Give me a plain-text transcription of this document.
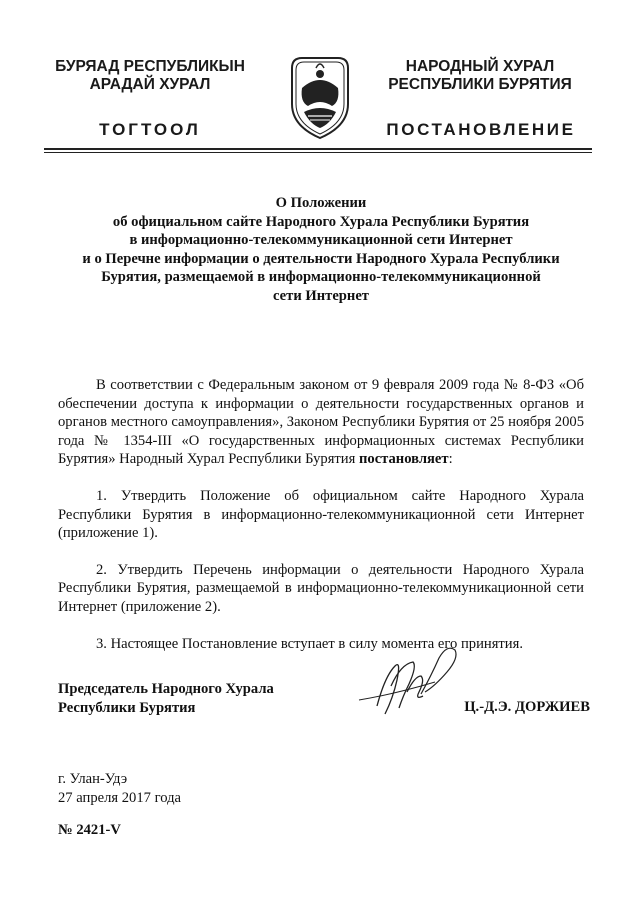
БУРЯАД РЕСПУБЛИКЫН
АРАДАЙ ХУРАЛ
ТОГТООЛ
НАРОДНЫЙ ХУРАЛ
РЕСПУБЛИКИ БУРЯТИЯ
ПОСТАНОВЛЕНИЕ
О Положении
об официальном сайте Народного Хурала Республики Бурятия
в информационно-телекоммуникационной сети Интернет
и о Перечне информации о деятельности Народного Хурала Республики
Бурятия, размещаемой в информационно-телекоммуникационной
сети Интернет

В соответствии с Федеральным законом от 9 февраля 2009 года № 8-ФЗ «Об обеспечении доступа к информации о деятельности государственных органов и органов местного самоуправления», Законом Республики Бурятия от 25 ноября 2005 года № 1354-III «О государственных информационных системах Республики Бурятия» Народный Хурал Республики Бурятия постановляет:

1. Утвердить Положение об официальном сайте Народного Хурала Республики Бурятия в информационно-телекоммуникационной сети Интернет (приложение 1).

2. Утвердить Перечень информации о деятельности Народного Хурала Республики Бурятия, размещаемой в информационно-телекоммуникационной сети Интернет (приложение 2).

3. Настоящее Постановление вступает в силу момента его принятия.

Председатель Народного Хурала
Республики Бурятия	Ц.-Д.Э. ДОРЖИЕВ
г. Улан-Удэ
27 апреля 2017 года
№ 2421-V
